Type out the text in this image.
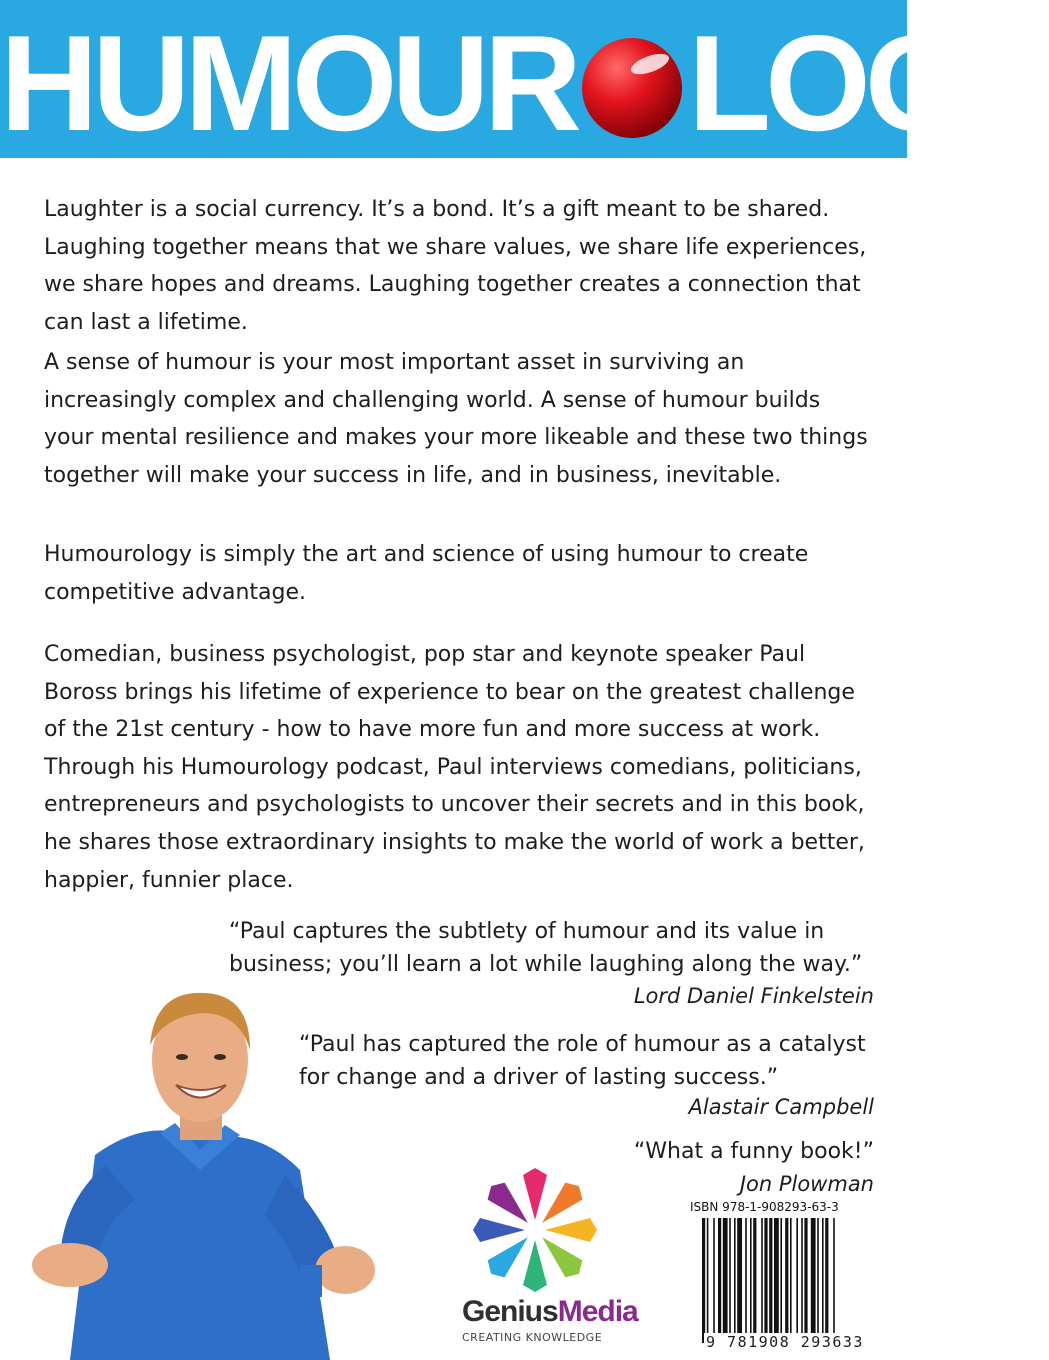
HUMOUR LOGY

Laughter is a social currency. It’s a bond. It’s a gift meant to be shared. Laughing together means that we share values, we share life experiences, we share hopes and dreams. Laughing together creates a connection that can last a lifetime.

A sense of humour is your most important asset in surviving an increasingly complex and challenging world. A sense of humour builds your mental resilience and makes your more likeable and these two things together will make your success in life, and in business, inevitable.

Humourology is simply the art and science of using humour to create competitive advantage.

Comedian, business psychologist, pop star and keynote speaker Paul Boross brings his lifetime of experience to bear on the greatest challenge of the 21st century - how to have more fun and more success at work. Through his Humourology podcast, Paul interviews comedians, politicians, entrepreneurs and psychologists to uncover their secrets and in this book, he shares those extraordinary insights to make the world of work a better, happier, funnier place.

“Paul captures the subtlety of humour and its value in business; you’ll learn a lot while laughing along the way.”

Lord Daniel Finkelstein

“Paul has captured the role of humour as a catalyst for change and a driver of lasting success.”

Alastair Campbell

“What a funny book!”

Jon Plowman
GeniusMedia
CREATING KNOWLEDGE
ISBN 978-1-908293-63-3
9 781908 293633
